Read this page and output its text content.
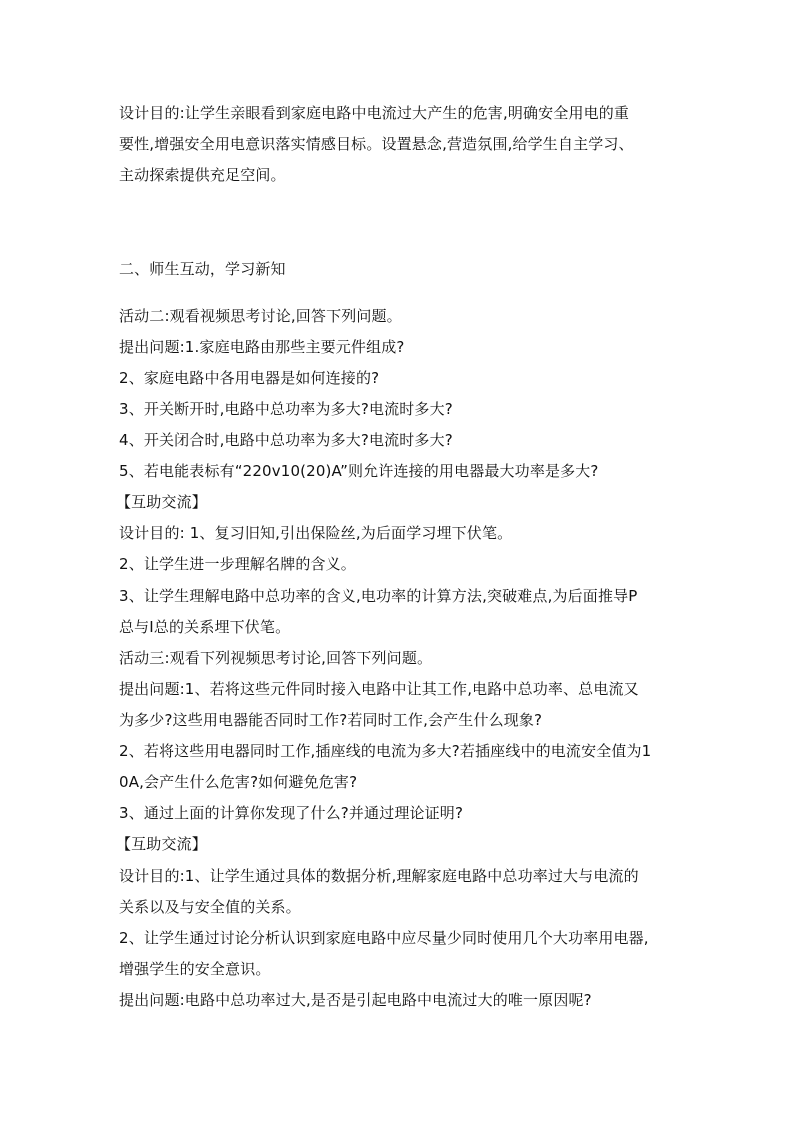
设计目的:让学生亲眼看到家庭电路中电流过大产生的危害,明确安全用电的重
要性,增强安全用电意识落实情感目标。设置悬念,营造氛围,给学生自主学习、
主动探索提供充足空间。
二、师生互动，学习新知
活动二:观看视频思考讨论,回答下列问题。
提出问题:1.家庭电路由那些主要元件组成?
2、家庭电路中各用电器是如何连接的?
3、开关断开时,电路中总功率为多大?电流时多大?
4、开关闭合时,电路中总功率为多大?电流时多大?
5、若电能表标有“220v10(20)A”则允许连接的用电器最大功率是多大?
【互助交流】
设计目的: 1、复习旧知,引出保险丝,为后面学习埋下伏笔。
2、让学生进一步理解名牌的含义。
3、让学生理解电路中总功率的含义,电功率的计算方法,突破难点,为后面推导P
总与I总的关系埋下伏笔。
活动三:观看下列视频思考讨论,回答下列问题。
提出问题:1、若将这些元件同时接入电路中让其工作,电路中总功率、总电流又
为多少?这些用电器能否同时工作?若同时工作,会产生什么现象?
2、若将这些用电器同时工作,插座线的电流为多大?若插座线中的电流安全值为1
0A,会产生什么危害?如何避免危害?
3、通过上面的计算你发现了什么?并通过理论证明?
【互助交流】
设计目的:1、让学生通过具体的数据分析,理解家庭电路中总功率过大与电流的
关系以及与安全值的关系。
2、让学生通过讨论分析认识到家庭电路中应尽量少同时使用几个大功率用电器,
增强学生的安全意识。
提出问题:电路中总功率过大,是否是引起电路中电流过大的唯一原因呢?
